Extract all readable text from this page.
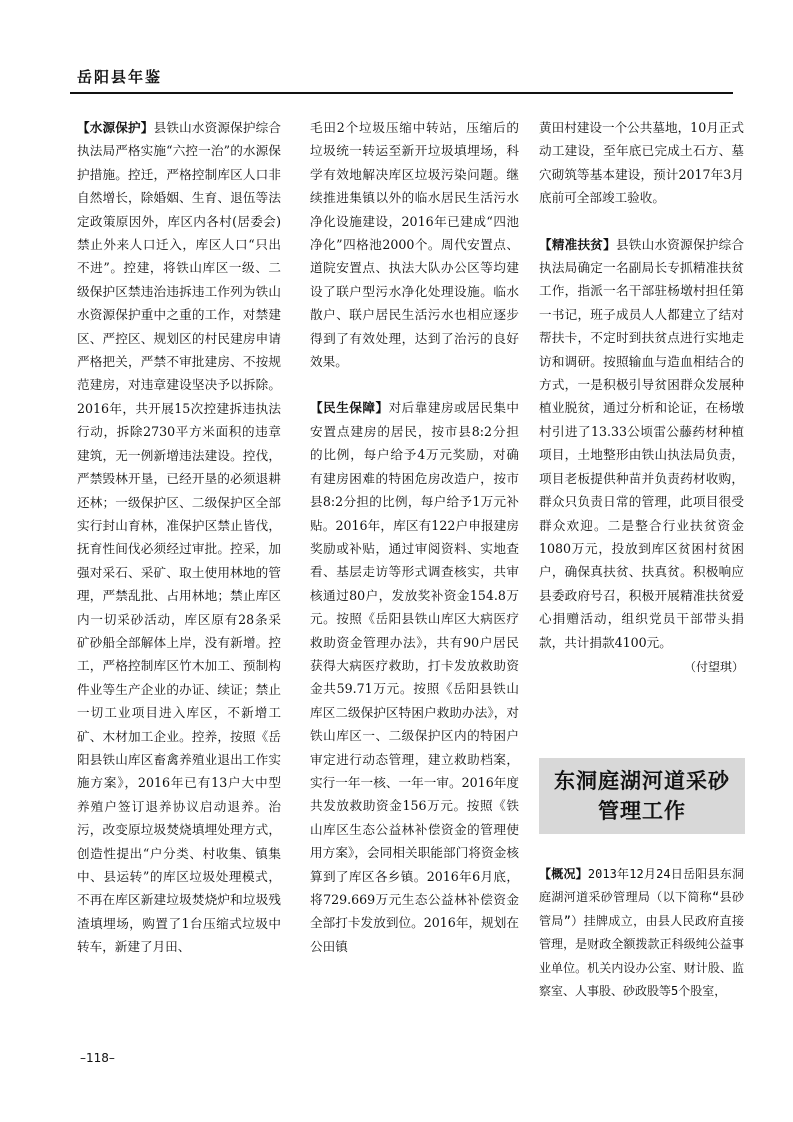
岳阳县年鉴

【水源保护】县铁山水资源保护综合执法局严格实施“六控一治”的水源保护措施。控迁，严格控制库区人口非自然增长，除婚姻、生育、退伍等法定政策原因外，库区内各村(居委会)禁止外来人口迁入，库区人口“只出不进”。控建，将铁山库区一级、二级保护区禁违治违拆违工作列为铁山水资源保护重中之重的工作，对禁建区、严控区、规划区的村民建房申请严格把关，严禁不审批建房、不按规范建房，对违章建设坚决予以拆除。2016年，共开展15次控建拆违执法行动，拆除2730平方米面积的违章建筑，无一例新增违法建设。控伐，严禁毁林开垦，已经开垦的必须退耕还林；一级保护区、二级保护区全部实行封山育林，准保护区禁止皆伐，抚育性间伐必须经过审批。控采，加强对采石、采矿、取土使用林地的管理，严禁乱批、占用林地；禁止库区内一切采砂活动，库区原有28条采矿砂船全部解体上岸，没有新增。控工，严格控制库区竹木加工、预制构件业等生产企业的办证、续证；禁止一切工业项目进入库区，不新增工矿、木材加工企业。控养，按照《岳阳县铁山库区畜禽养殖业退出工作实施方案》，2016年已有13户大中型养殖户签订退养协议启动退养。治污，改变原垃圾焚烧填埋处理方式，创造性提出“户分类、村收集、镇集中、县运转”的库区垃圾处理模式，不再在库区新建垃圾焚烧炉和垃圾残渣填埋场，购置了1台压缩式垃圾中转车，新建了月田、

毛田2个垃圾压缩中转站，压缩后的垃圾统一转运至新开垃圾填埋场，科学有效地解决库区垃圾污染问题。继续推进集镇以外的临水居民生活污水净化设施建设，2016年已建成“四池净化”四格池2000个。周代安置点、道院安置点、执法大队办公区等均建设了联户型污水净化处理设施。临水散户、联户居民生活污水也相应逐步得到了有效处理，达到了治污的良好效果。

【民生保障】对后靠建房或居民集中安置点建房的居民，按市县8:2分担的比例，每户给予4万元奖励，对确有建房困难的特困危房改造户，按市县8:2分担的比例，每户给予1万元补贴。2016年，库区有122户申报建房奖励或补贴，通过审阅资料、实地查看、基层走访等形式调查核实，共审核通过80户，发放奖补资金154.8万元。按照《岳阳县铁山库区大病医疗救助资金管理办法》，共有90户居民获得大病医疗救助，打卡发放救助资金共59.71万元。按照《岳阳县铁山库区二级保护区特困户救助办法》，对铁山库区一、二级保护区内的特困户审定进行动态管理，建立救助档案，实行一年一核、一年一审。2016年度共发放救助资金156万元。按照《铁山库区生态公益林补偿资金的管理使用方案》，会同相关职能部门将资金核算到了库区各乡镇。2016年6月底，将729.669万元生态公益林补偿资金全部打卡发放到位。2016年，规划在公田镇

黄田村建设一个公共墓地，10月正式动工建设，至年底已完成土石方、墓穴砌筑等基本建设，预计2017年3月底前可全部竣工验收。

【精准扶贫】县铁山水资源保护综合执法局确定一名副局长专抓精准扶贫工作，指派一名干部驻杨墩村担任第一书记，班子成员人人都建立了结对帮扶卡，不定时到扶贫点进行实地走访和调研。按照输血与造血相结合的方式，一是积极引导贫困群众发展种植业脱贫，通过分析和论证，在杨墩村引进了13.33公顷雷公藤药材种植项目，土地整形由铁山执法局负责，项目老板提供种苗并负责药材收购，群众只负责日常的管理，此项目很受群众欢迎。二是整合行业扶贫资金1080万元，投放到库区贫困村贫困户，确保真扶贫、扶真贫。积极响应县委政府号召，积极开展精准扶贫爱心捐赠活动，组织党员干部带头捐款，共计捐款4100元。

（付望琪）
东洞庭湖河道采砂
管理工作
【概况】2013年12月24日岳阳县东洞庭湖河道采砂管理局（以下简称“县砂管局”）挂牌成立，由县人民政府直接管理，是财政全额拨款正科级纯公益事业单位。机关内设办公室、财计股、监察室、人事股、砂政股等5个股室，
–118–
